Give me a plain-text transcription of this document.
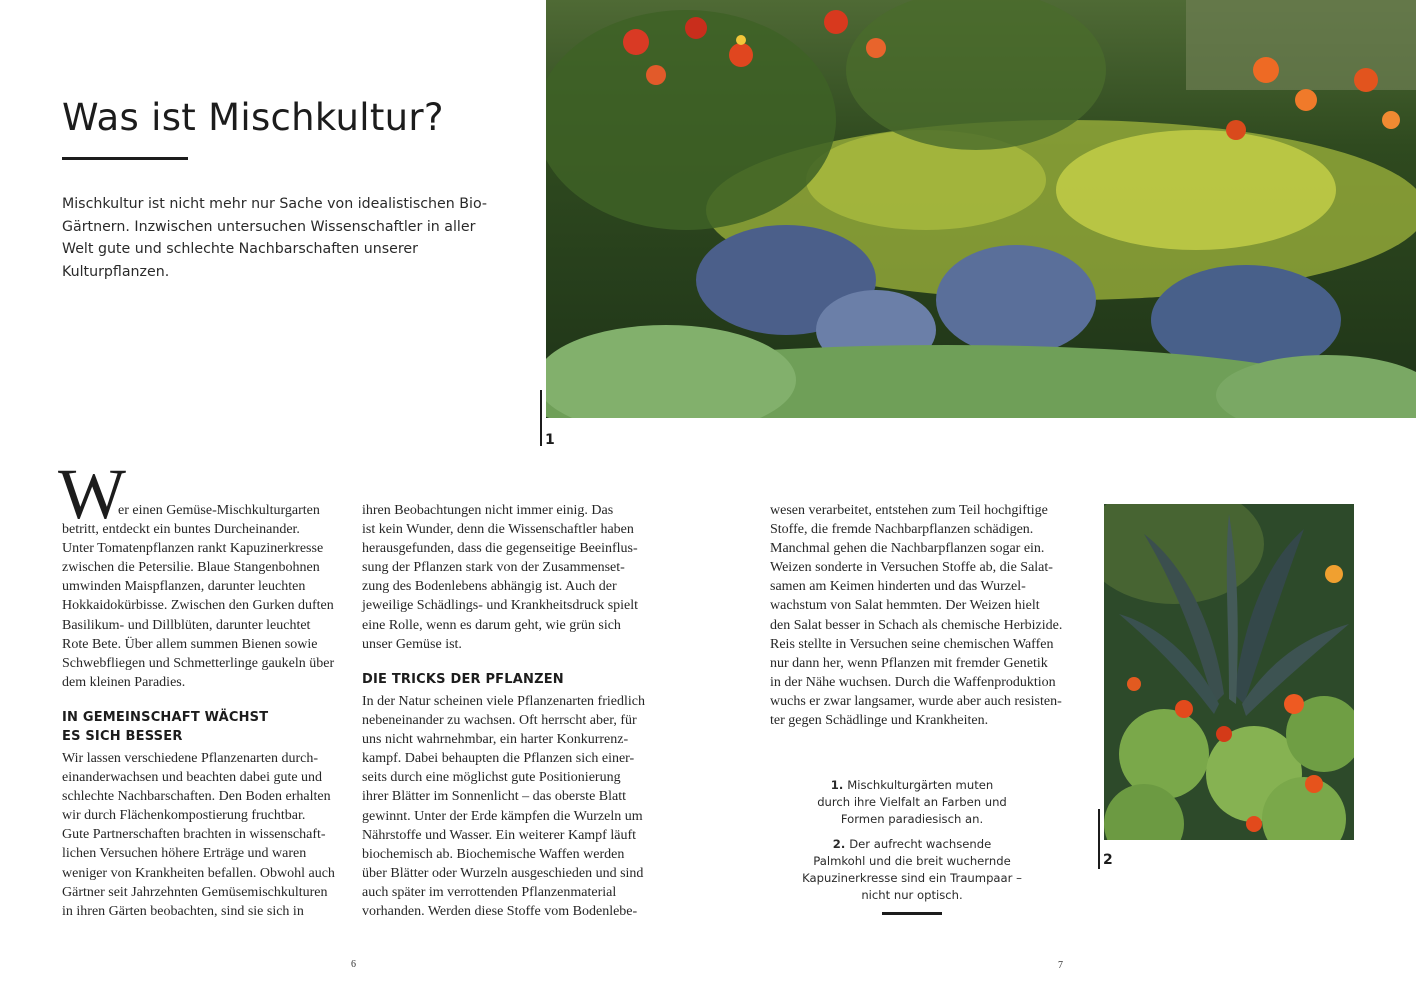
Was ist Mischkultur?

Mischkultur ist nicht mehr nur Sache von idealistischen Bio-Gärtnern. Inzwischen untersuchen Wissenschaftler in aller Welt gute und schlechte Nachbarschaften unserer Kulturpflanzen.

1
2
W

er einen Gemüse-Mischkulturgarten

betritt, entdeckt ein buntes Durcheinander.

Unter Tomatenpflanzen rankt Kapuzinerkresse

zwischen die Petersilie. Blaue Stangenbohnen

umwinden Maispflanzen, darunter leuchten

Hokkaidokürbisse. Zwischen den Gurken duften

Basilikum- und Dillblüten, darunter leuchtet

Rote Bete. Über allem summen Bienen sowie

Schwebfliegen und Schmetterlinge gaukeln über

dem kleinen Paradies.

IN GEMEINSCHAFT WÄCHST
ES SICH BESSER

Wir lassen verschiedene Pflanzenarten durch-

einanderwachsen und beachten dabei gute und

schlechte Nachbarschaften. Den Boden erhalten

wir durch Flächenkompostierung fruchtbar.

Gute Partnerschaften brachten in wissenschaft-

lichen Versuchen höhere Erträge und waren

weniger von Krankheiten befallen. Obwohl auch

Gärtner seit Jahrzehnten Gemüsemischkulturen

in ihren Gärten beobachten, sind sie sich in

ihren Beobachtungen nicht immer einig. Das

ist kein Wunder, denn die Wissenschaftler haben

herausgefunden, dass die gegenseitige Beeinflus-

sung der Pflanzen stark von der Zusammenset-

zung des Bodenlebens abhängig ist. Auch der

jeweilige Schädlings- und Krankheitsdruck spielt

eine Rolle, wenn es darum geht, wie grün sich

unser Gemüse ist.

DIE TRICKS DER PFLANZEN

In der Natur scheinen viele Pflanzenarten friedlich

nebeneinander zu wachsen. Oft herrscht aber, für

uns nicht wahrnehmbar, ein harter Konkurrenz-

kampf. Dabei behaupten die Pflanzen sich einer-

seits durch eine möglichst gute Positionierung

ihrer Blätter im Sonnenlicht – das oberste Blatt

gewinnt. Unter der Erde kämpfen die Wurzeln um

Nährstoffe und Wasser. Ein weiterer Kampf läuft

biochemisch ab. Biochemische Waffen werden

über Blätter oder Wurzeln ausgeschieden und sind

auch später im verrottenden Pflanzenmaterial

vorhanden. Werden diese Stoffe vom Bodenlebe-

wesen verarbeitet, entstehen zum Teil hochgiftige

Stoffe, die fremde Nachbarpflanzen schädigen.

Manchmal gehen die Nachbarpflanzen sogar ein.

Weizen sonderte in Versuchen Stoffe ab, die Salat-

samen am Keimen hinderten und das Wurzel-

wachstum von Salat hemmten. Der Weizen hielt

den Salat besser in Schach als chemische Herbizide.

Reis stellte in Versuchen seine chemischen Waffen

nur dann her, wenn Pflanzen mit fremder Genetik

in der Nähe wuchsen. Durch die Waffenproduktion

wuchs er zwar langsamer, wurde aber auch resisten-

ter gegen Schädlinge und Krankheiten.

1. Mischkulturgärten muten

durch ihre Vielfalt an Farben und

Formen paradiesisch an.

2. Der aufrecht wachsende

Palmkohl und die breit wuchernde

Kapuzinerkresse sind ein Traumpaar –

nicht nur optisch.

6	7
